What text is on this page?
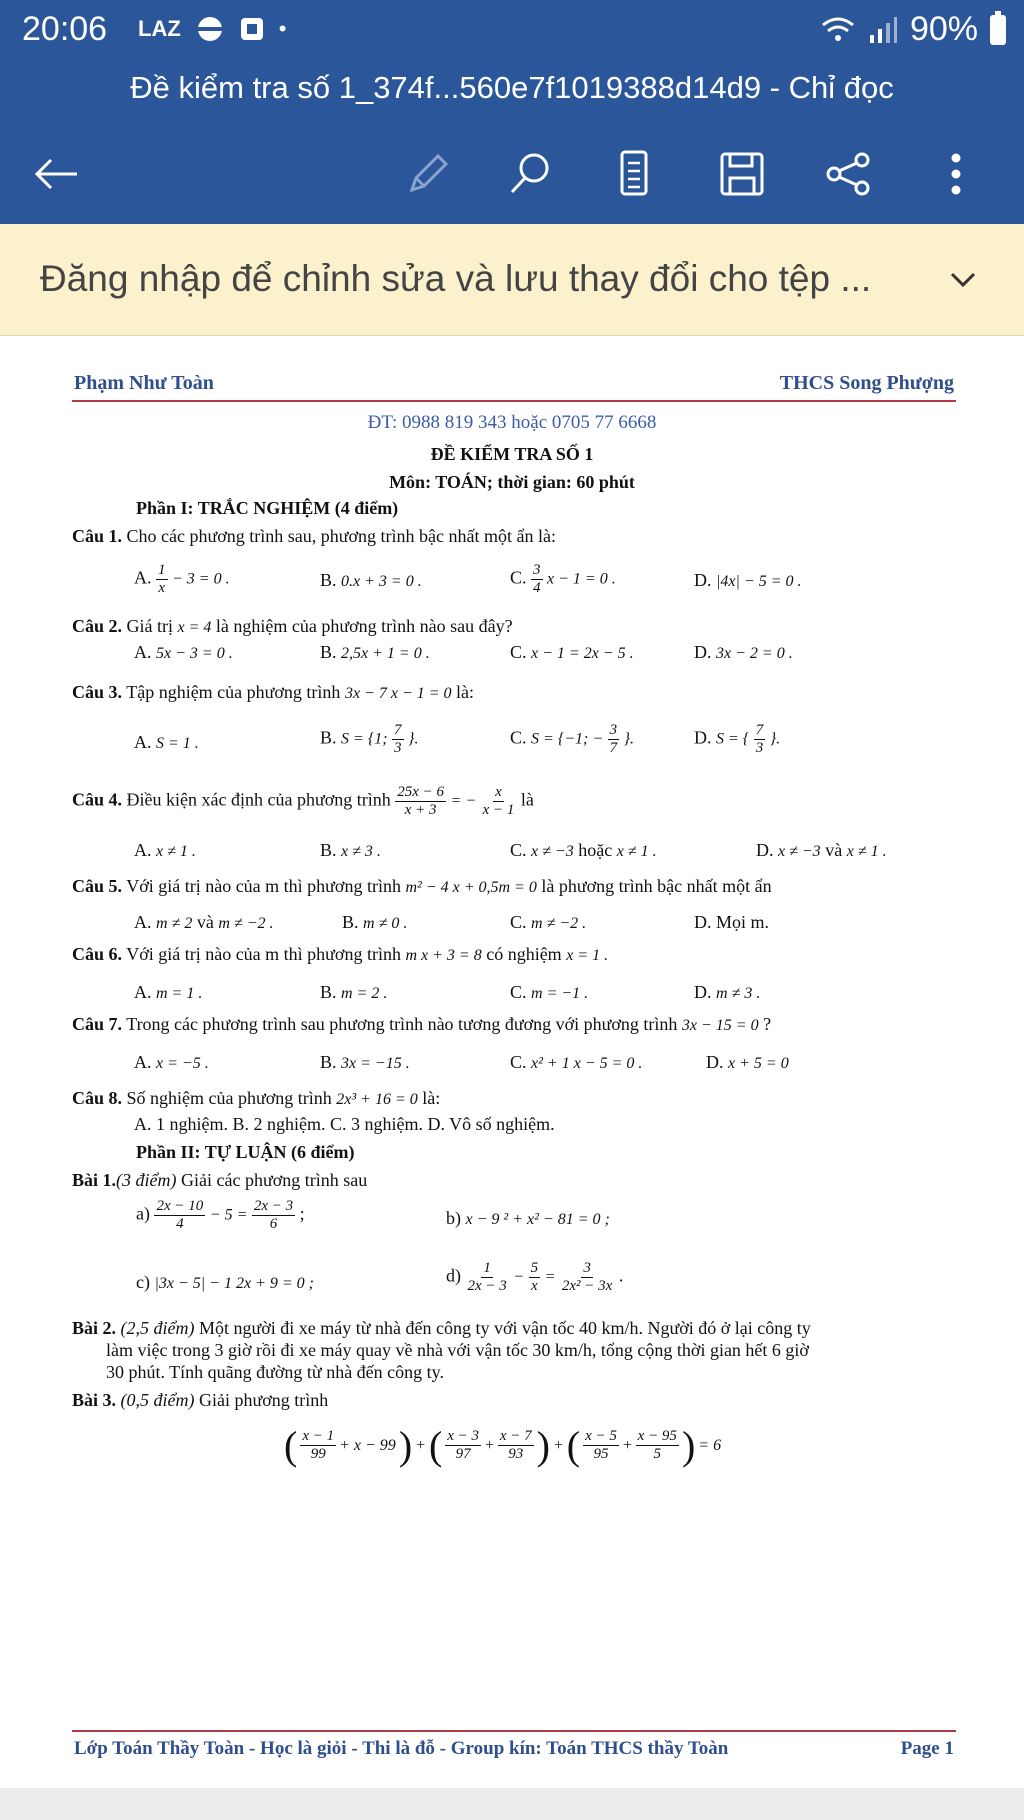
20:06 LAZ	•	90%
Đề kiểm tra số 1_374f...560e7f1019388d14d9 - Chỉ đọc
Đăng nhập để chỉnh sửa và lưu thay đổi cho tệp ...
Phạm Như Toàn	THCS Song Phượng
ĐT: 0988 819 343 hoặc 0705 77 6668
ĐỀ KIỂM TRA SỐ 1
Môn: TOÁN; thời gian: 60 phút
Phần I: TRẮC NGHIỆM (4 điểm)
Câu 1. Cho các phương trình sau, phương trình bậc nhất một ẩn là:
A. $\frac{1}{x} - 3 = 0$ .	B. 0.x + 3 = 0 .	C. $\frac{3}{4}$ x − 1 = 0 .	D. |4x| − 5 = 0 .
Câu 2. Giá trị x = 4 là nghiệm của phương trình nào sau đây?
A. 5x − 3 = 0 .	B. 2,5x + 1 = 0 .	C. x − 1 = 2x − 5 .	D. 3x − 2 = 0 .
Câu 3. Tập nghiệm của phương trình 3x − 7 x − 1 = 0 là:
A. S = 1 .	B. S = {1; $\frac{7}{3}$ }.	C. S = {−1; − $\frac{3}{7}$ }.	D. S = { $\frac{7}{3}$ }.
Câu 4. Điều kiện xác định của phương trình $\frac{25x - 6}{x + 3}$ = − $\frac{x}{x - 1}$ là
A. x ≠ 1 .	B. x ≠ 3 .	C. x ≠ −3 hoặc x ≠ 1 .	D. x ≠ −3 và x ≠ 1 .
Câu 5. Với giá trị nào của m thì phương trình m² − 4 x + 0,5m = 0 là phương trình bậc nhất một ẩn
A. m ≠ 2 và m ≠ −2 .	B. m ≠ 0 .	C. m ≠ −2 .	D. Mọi m.
Câu 6. Với giá trị nào của m thì phương trình m x + 3 = 8 có nghiệm x = 1 .
A. m = 1 .	B. m = 2 .	C. m = −1 .	D. m ≠ 3 .
Câu 7. Trong các phương trình sau phương trình nào tương đương với phương trình 3x − 15 = 0 ?
A. x = −5 .	B. 3x = −15 .	C. x² + 1 x − 5 = 0 .	D. x + 5 = 0
Câu 8. Số nghiệm của phương trình 2x³ + 16 = 0 là:
A. 1 nghiệm. B. 2 nghiệm. C. 3 nghiệm. D. Vô số nghiệm.
Phần II: TỰ LUẬN (6 điểm)
Bài 1.(3 điểm) Giải các phương trình sau
$a) \frac{2x - 10}{4} - 5 = \frac{2x - 3}{6}$ ;	b) x − 9 ² + x² − 81 = 0 ;
c) |3x − 5| − 1 2x + 9 = 0 ;	$d) \frac{1}{2x - 3} - \frac{5}{x} = \frac{3}{\text{2x² − 3x}}$ .
Bài 2. (2,5 điểm) Một người đi xe máy từ nhà đến công ty với vận tốc 40 km/h. Người đó ở lại công ty
làm việc trong 3 giờ rồi đi xe máy quay về nhà với vận tốc 30 km/h, tổng cộng thời gian hết 6 giờ
30 phút. Tính quãng đường từ nhà đến công ty.
Bài 3. (0,5 điểm) Giải phương trình
( $\frac{x - 1}{99} + x - 99$ ) + ( $\frac{x - 3}{97} + \frac{x - 7}{93}$ ) + ( $\frac{x - 5}{95} + \frac{x - 95}{5}$ ) = 6
Lớp Toán Thầy Toàn - Học là giỏi - Thi là đỗ - Group kín: Toán THCS thầy Toàn	Page 1
